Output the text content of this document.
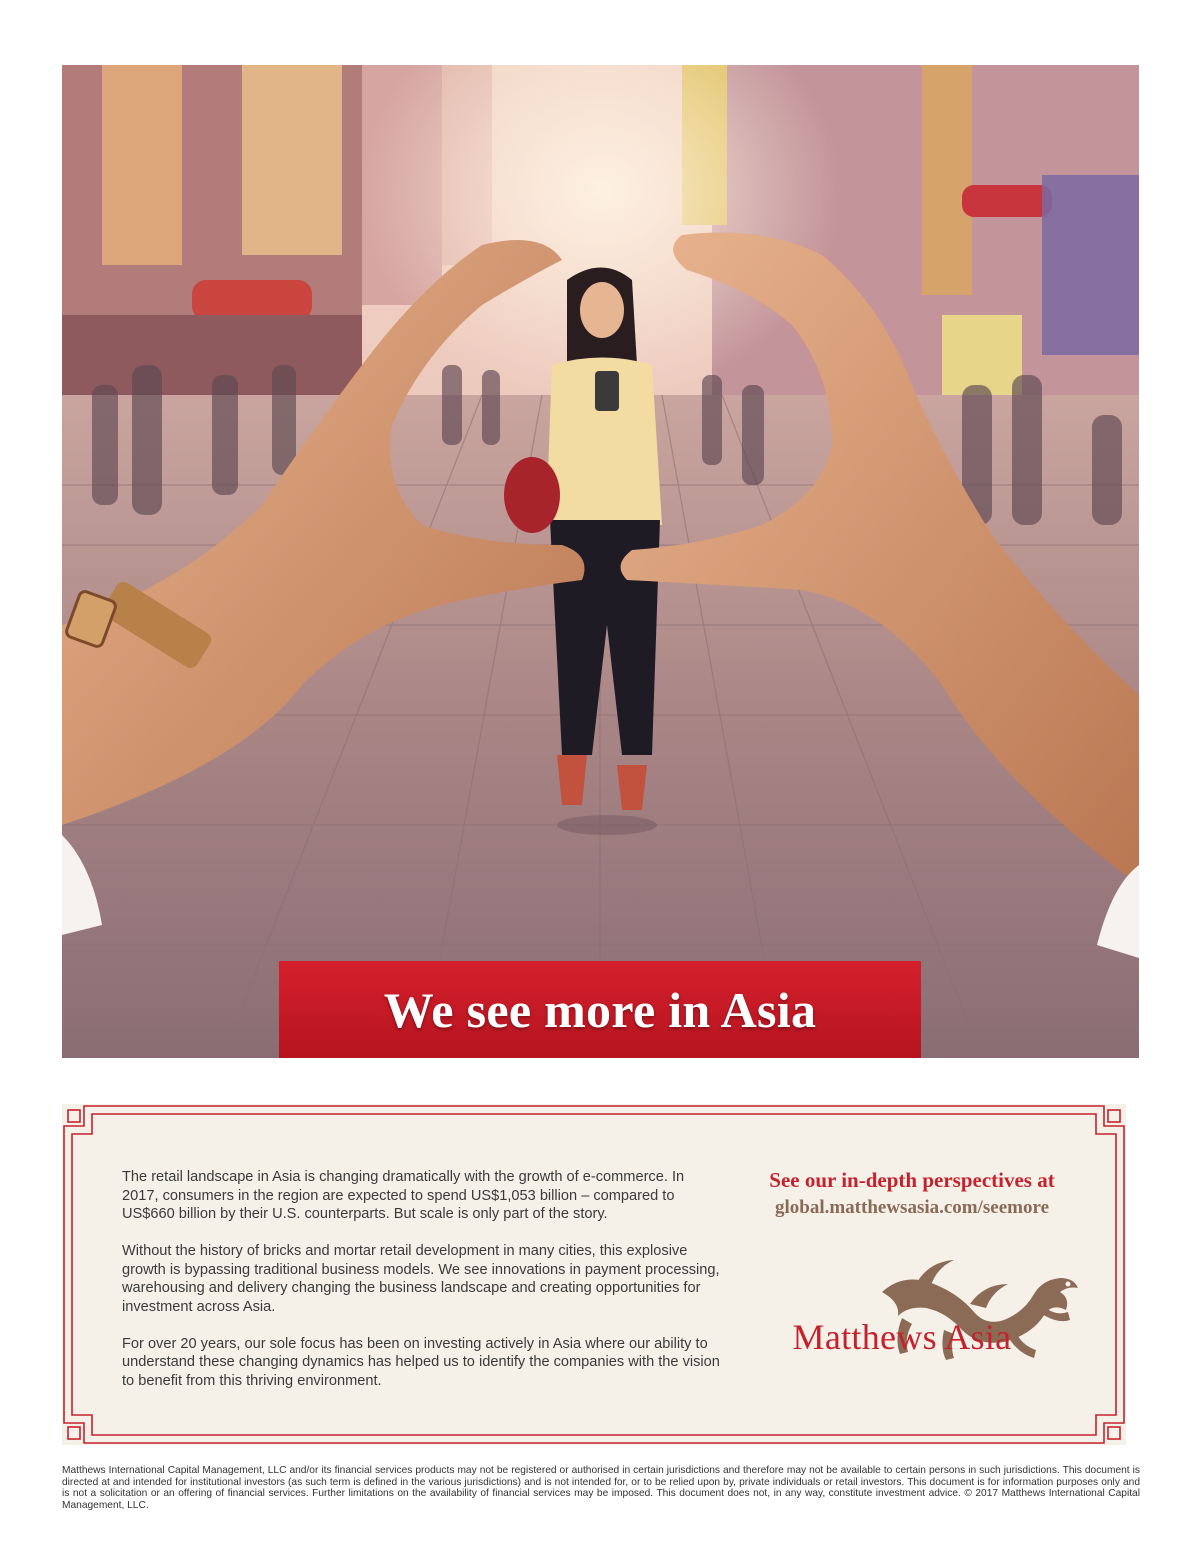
We see more in Asia

The retail landscape in Asia is changing dramatically with the growth of e-commerce. In 2017, consumers in the region are expected to spend US$1,053 billion – compared to US$660 billion by their U.S. counterparts. But scale is only part of the story.

Without the history of bricks and mortar retail development in many cities, this explosive growth is bypassing traditional business models. We see innovations in payment processing, warehousing and delivery changing the business landscape and creating opportunities for investment across Asia.

For over 20 years, our sole focus has been on investing actively in Asia where our ability to understand these changing dynamics has helped us to identify the companies with the vision to benefit from this thriving environment.

See our in-depth perspectives at
global.matthewsasia.com/seemore
Matthews Asia
Matthews International Capital Management, LLC and/or its financial services products may not be registered or authorised in certain jurisdictions and therefore may not be available to certain persons in such jurisdictions. This document is directed at and intended for institutional investors (as such term is defined in the various jurisdictions) and is not intended for, or to be relied upon by, private individuals or retail investors. This document is for information purposes only and is not a solicitation or an offering of financial services. Further limitations on the availability of financial services may be imposed. This document does not, in any way, constitute investment advice. © 2017 Matthews International Capital Management, LLC.
